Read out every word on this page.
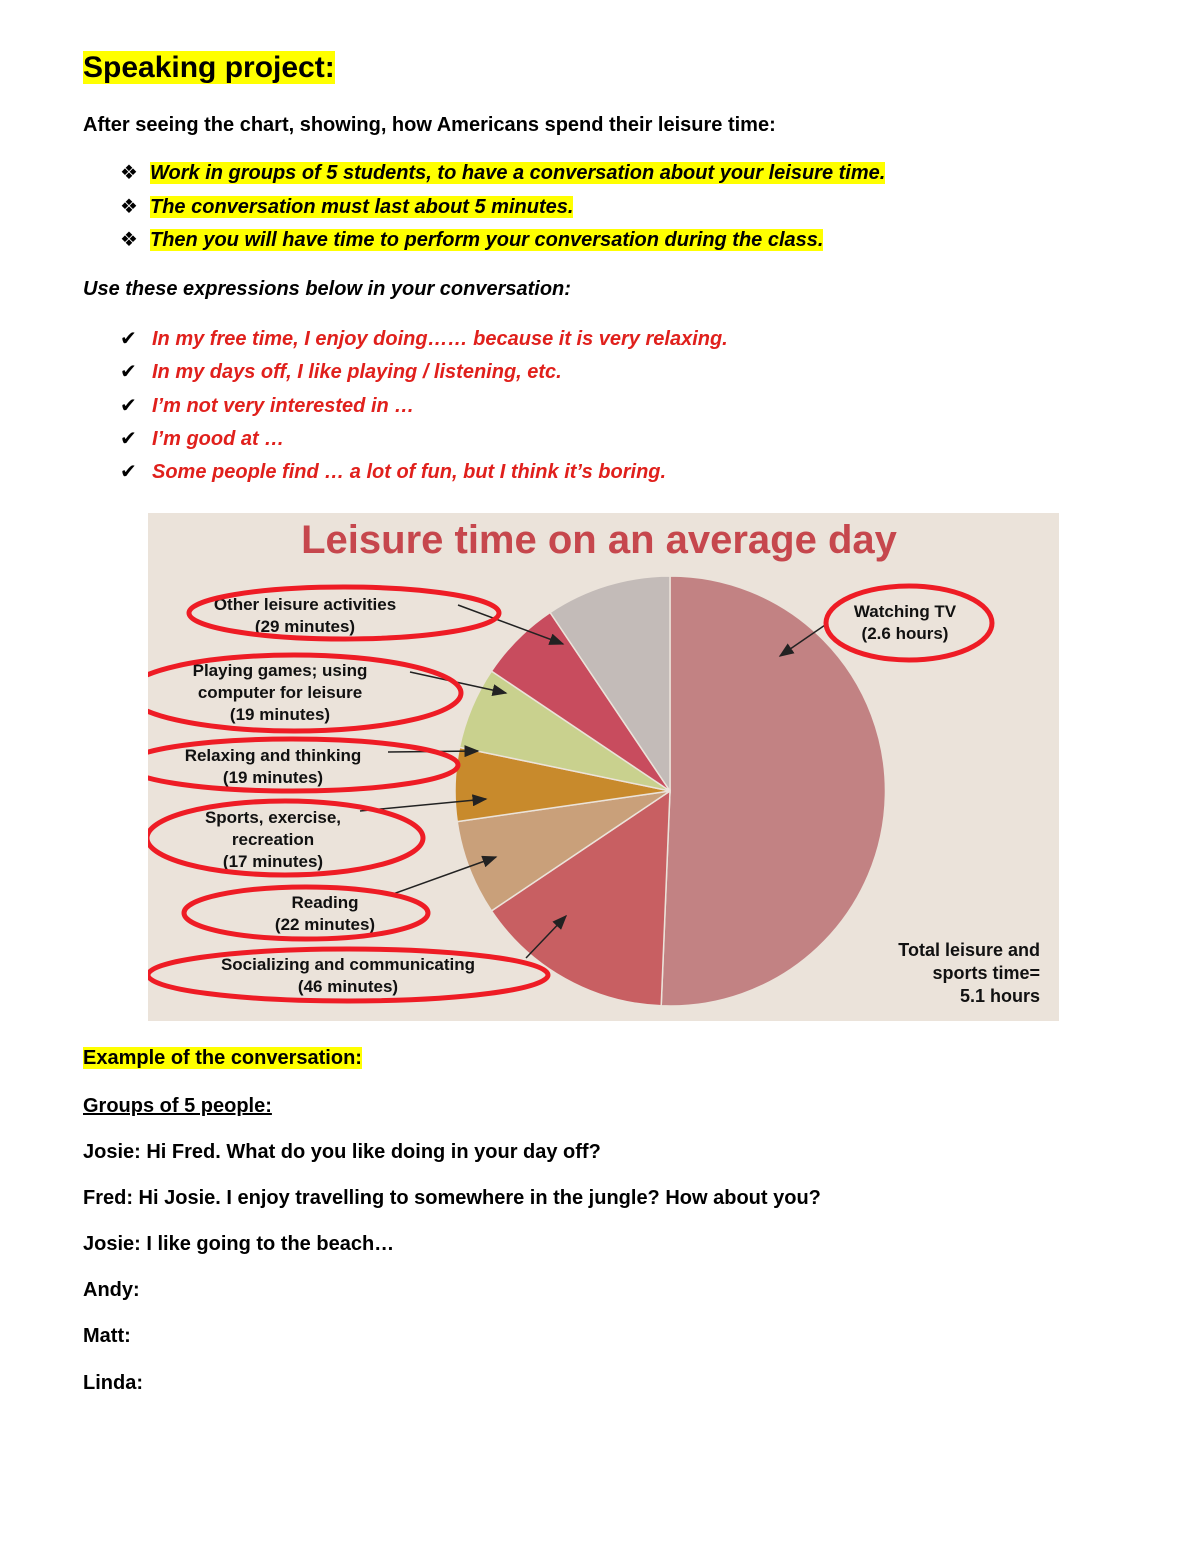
Speaking project:

After seeing the chart, showing, how Americans spend their leisure time:

❖ Work in groups of 5 students, to have a conversation about your leisure time.

❖ The conversation must last about 5 minutes.

❖ Then you will have time to perform your conversation during the class.

Use these expressions below in your conversation:

✔ In my free time, I enjoy doing…… because it is very relaxing.

✔ In my days off, I like playing / listening, etc.

✔ I’m not very interested in …

✔ I’m good at …

✔ Some people find … a lot of fun, but I think it’s boring.

Leisure time on an average day
Watching TV (2.6 hours)
Socializing and communicating (46 minutes)
Reading (22 minutes)
Sports, exercise, recreation (17 minutes)
Relaxing and thinking (19 minutes)
Playing games; using computer for leisure (19 minutes)
Other leisure activities (29 minutes)
Total leisure and sports time= 5.1 hours

Example of the conversation:

Groups of 5 people:

Josie: Hi Fred. What do you like doing in your day off?

Fred: Hi Josie. I enjoy travelling to somewhere in the jungle? How about you?

Josie: I like going to the beach…

Andy:

Matt:

Linda:
